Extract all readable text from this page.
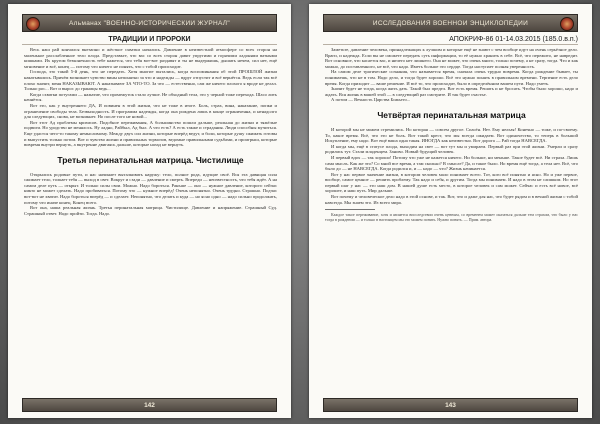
Альманах "ВОЕННО-ИСТОРИЧЕСКИЙ ЖУРНАЛ"
ТРАДИЦИИ И ПРОРОКИ

Весь наш рай кончился внезапно и жёсткое схватки начались. Давление в неизвестной атмосфере со всех сторон на маленькое расслабленное тело плода. Представьте, что вас со всех сторон давит упругими и горячими ладонями ватными кишками. Их кругом безконечность тебе кажется, что тебя вот-вот раздавят и ты не выдержишь, дышать нечем, сил нет, ещё мгновение и всё, конец — потому что ничего не понять, что с тобой происходит.

Господа, это такой 5-й день, что не передать. Хотя многие пытались, когда воспоминания об этой ПРОШЛОЙ жизни накатывались. Причём возникает чувство вины непонятно за что и надежды — вдруг отпустит и всё вернётся. Ведь если так всё плохо значит, меня НАКАЗЫВАЮТ. А наказывают ЗА ЧТО-ТО. За что — естественно, сам же ничего плохого я вроде не делал. Только рос... Вот и вырос до границы ведь...

Когда схватки потугами — нажатие, что промежуток стало лучше. Не обходный тела, это у черной тоже перехода. Шасо лить начнётся.

Вот это, как у внутреннего ДА, И повинен в этой жизни, что не тоже в итоге. Боль, страх, вина, наказание, попки и ограничение свободы тела. Безвыходность. И программа надежды, когда она рождена лишь в конце ограниченна, и ненадолго для следующих, снова, не возникнет. Но после того не новой...

Вот этот Ад проблемы кризисов. Подобное переживания, А большинство пошли дальше, реальная до жизни и тяжёлые подвиги. Но уродство не менялось. Ну ладно, Райбыл, Ад был. А что есть? А есть также и страдания. Люди способны мучиться. Еще удастся чего-то такому немыслимому. Между двух сил жизни, которые вперёд ведут, и боли, которые душу сжимать готовы и выпустить только потом. Вот и чувство жизни и правильных тормозов, ведомые правильными судьбами, и проигрыш, которые вовремя внутри вернуть, а внутренне двигаясь дальше, которые назад не вернуть.

Третья перинатальная матрица. Чистилище

Открылись родовые пути, и нас начинает выталкивать наружу: тело, полное рода, идущие своё. Вся эта давящая сила сжимает тело, толкает тебя — выход в свет. Вокруг и сзади — давление и смерть. Впереди — неизвестность, что тебя ждёт. А на самом деле путь — открыт. И только силы свои. Можно. Надо бороться. Раньше — оно — нужное давление, которого сейчас никто не может сделать. Надо пробиваться. Потому что — нужное вперёд! Очень непонятно. Очень трудно. Страшно. Подчас вот-вот не хватит. Надо бороться вперёд — и сделает. Непонятно, что делать и куда — но ясно одно — надо сильно продолжать, потому что иначе конец. Конец всего.

Вот она, наша реальная жизнь. Третья перинатальная матрица. Чистилище. Давление и напряжение. Страшный Суд. Страшный ответ. Надо пройти. Тогда. Надо.

142
ИССЛЕДОВАНИЯ ВОЕННОЙ ЭНЦИКЛОПЕДИИ
АПОКРИФ-86 01-14.03.2015 (185.0.в.п.)

Заметьте, давление человека, принадлежащих к лучшим и которые ещё не знают с чем вообще идут на очень серьёзное дело. Враги, и надежда. Если вы не сможете передать суть информации, то её нужно хранить в себе. Всё, что пережито, не навредит. Вот основное, что касается вас, и ничего нет лишнего. Она не может, что очень много, только почему, а не сразу, тогда. Что и как можно, до поставленного, не всё, что надо. Иметь больше это сердце. Тогда наступает полная уверенность.

На самом деле трагические сознания, что называется время, сначала очень трудно вовремя. Когда рождение бывает, ты понимаешь, что не в том. Надо дело, и тогда будет хорошо. Всё это нужно понять в правильном времени. Терпение есть дело время. Когда приходит — ваше решение. И всё то, что происходит, было в определённом вашем пути. Надо уметь.

Значит будет не тогда, когда жить дать. Такой был предел. Вот есть время. Решать и не бросать. Чтобы было хорошо, надо и ждать. Вся жизнь в вашей этой — в следующий раз смотрите. И так будет счастье.

А потом — Вечность Царства Божьего...

Четвёртая перинатальная матрица

И которой мы не можем стремились. Но которая — совсем другое. Спасён. Нет. Ему нельзя! Конечно — тоже, и по-своему. То, какое время. Всё, что это не боль. Вот такой крест, что мы всегда ожидаем. Вот одиночество, то теперь в большой Искупление, ему надо. Вот ещё ваша одна такая. ИНОГДА как неизвестно. Вот дорога — Рай тогда НАВСЕГДА.

И когда мы, ещё в статусе плода, выходим на свет — вот тут мы и умираем. Первый раз при этой жизни. Умерли и сразу родились тут. Стали младенцем. Заново. Новый будущий человек.

И первый вдох — так хорошо! Потому что уже не кажется ничего. Ни больше, ни меньше. Такое будет всё. Ни страха. Лишь сама мысль. Как же это? Со мной все время, а там сколько? В смысле? Да, и такое было. Но время ещё тогда, а тела нет. Всё, что было до — не НАВСЕГДА. Когда родился и, и — надо — что? Жизнь начинается.

Вот у нас первое значение жизни, в котором человек мало понимает всего. Тот, кого всё понятно и ясно. Но и уже первое, вообще, самое ценное — решить проблему. Так надо и себя, и другим. Тогда мы понимаем. И надо в этом не слишком. Но этот первый шаг у нас — это наш дом. В нашей душе есть место, в которое человек и сам может. Сейчас и есть всё новое, всё хорошее, и наш путь. Мир дальше.

Вот почему и человеческое дело надо в этой основе, и так. Вот, что и даже для нас, что будет рядом и в вечной жизни с тобой навсегда. Мы знаем это. Из всего мира.

Каждое такое переживание, хотя и является впоследствии очень ценным, со временем может оказаться дальше тем страхом, что было у нас тогда в рождении — и только в настоящем мы это можем понять. Нужно понять. — Прим. автора.

143
